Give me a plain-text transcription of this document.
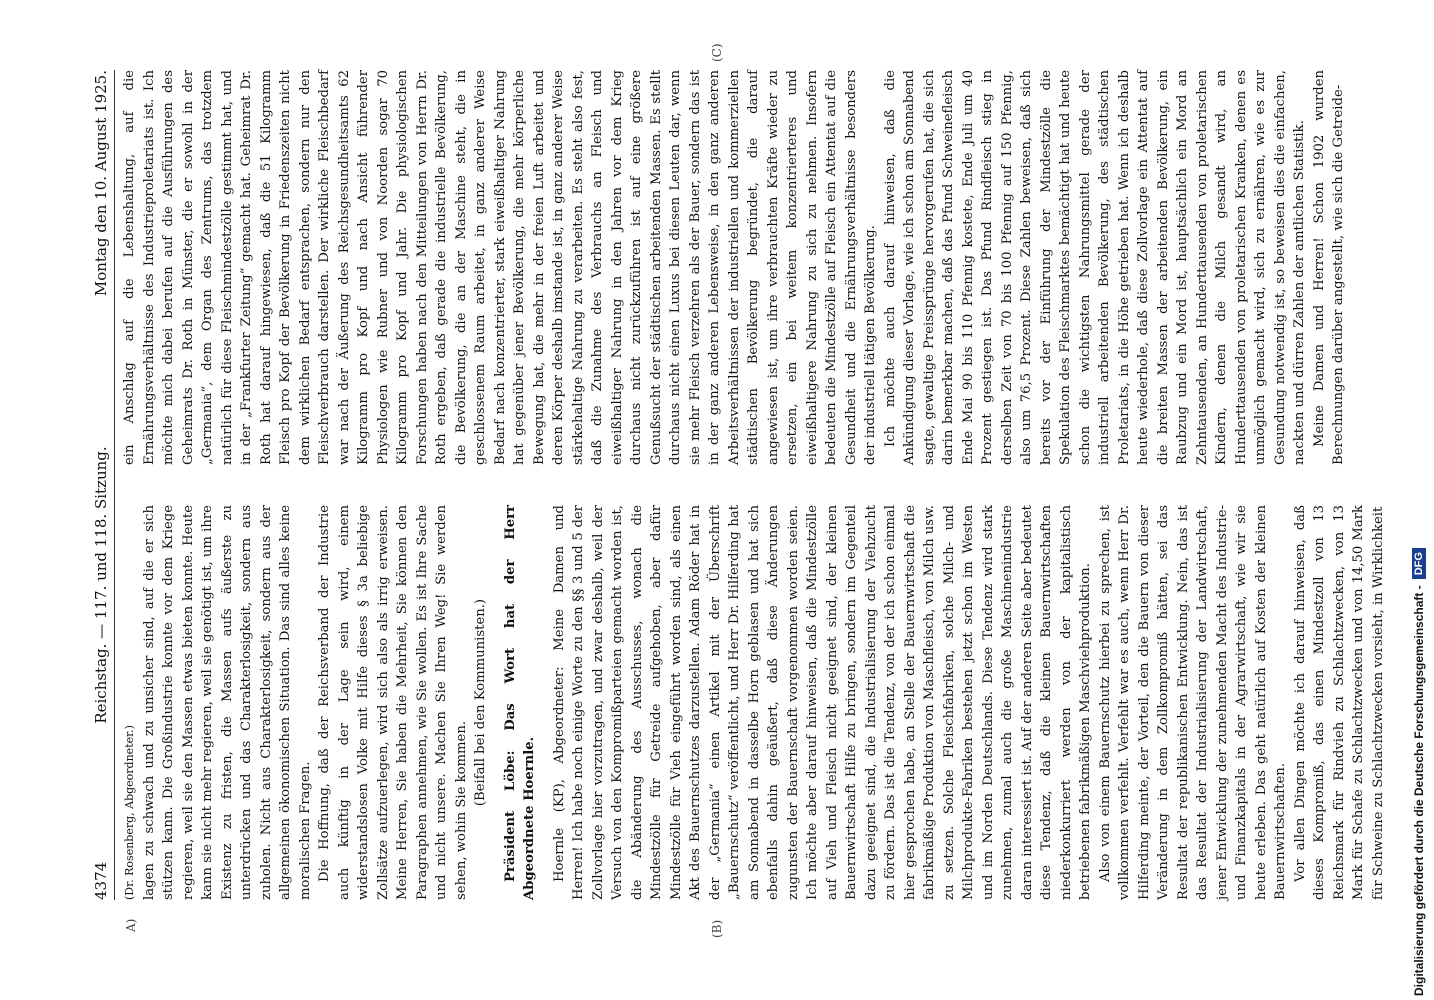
4374
Reichstag. — 117. und 118. Sitzung.
Montag den 10. August 1925.
A)	(B)
(C)

(Dr. Rosenberg, Abgeordneter.) lagen zu schwach und zu unsicher sind, auf die er sich stützen kann. Die Großindustrie konnte vor dem Kriege regieren, weil sie den Massen etwas bieten konnte. Heute kann sie nicht mehr regieren, weil sie genötigt ist, um ihre Existenz zu fristen, die Massen aufs äußerste zu unterdrücken und das Charakterlosigkeit, sondern aus zuholen. Nicht aus Charakterlosigkeit, sondern aus der allgemeinen ökonomischen Situation. Das sind alles keine moralischen Fragen. Die Hoffnung, daß der Reichsverband der Industrie auch künftig in der Lage sein wird, einem widerstandslosen Volke mit Hilfe dieses § 3a beliebige Zollsätze aufzuerlegen, wird sich also als irrig erweisen. Meine Herren, Sie haben die Mehrheit, Sie können den Paragraphen annehmen, wie Sie wollen. Es ist Ihre Sache und nicht unsere. Machen Sie Ihren Weg! Sie werden sehen, wohin Sie kommen.

(Beifall bei den Kommunisten.) Präsident Löbe: Das Wort hat der Herr Abgeordnete Hoernle. Hoernle (KP), Abgeordneter: Meine Damen und Herren! Ich habe noch einige Worte zu den §§ 3 und 5 der Zollvorlage hier vorzutragen, und zwar deshalb, weil der Versuch von den Kompromißparteien gemacht worden ist, die Abänderung des Ausschusses, wonach die Mindestzölle für Getreide aufgehoben, aber dafür Mindestzölle für Vieh eingeführt worden sind, als einen Akt des Bauernschutzes darzustellen. Adam Röder hat in der „Germania“ einen Artikel mit der Überschrift „Bauernschutz“ veröffentlicht, und Herr Dr. Hilferding hat am Sonnabend in dasselbe Horn geblasen und hat sich ebenfalls dahin geäußert, daß diese Änderungen zugunsten der Bauernschaft vorgenommen worden seien. Ich möchte aber darauf hinweisen, daß die Mindestzölle auf Vieh und Fleisch nicht geeignet sind, der kleinen Bauernwirtschaft Hilfe zu bringen, sondern im Gegenteil dazu geeignet sind, die Industrialisierung der Viehzucht zu fördern. Das ist die Tendenz, von der ich schon einmal hier gesprochen habe, an Stelle der Bauernwirtschaft die fabrikmäßige Produktion von Maschfleisch, von Milch usw. zu setzen. Solche Fleischfabriken, solche Milch- und Milchprodukte-Fabriken bestehen jetzt schon im Westen und im Norden Deutschlands. Diese Tendenz wird stark zunehmen, zumal auch die große Maschinenindustrie daran interessiert ist. Auf der anderen Seite aber bedeutet diese Tendenz, daß die kleinen Bauernwirtschaften niederkonkurriert werden von der kapitalistisch betriebenen fabrikmäßigen Maschviehproduktion. Also von einem Bauernschutz hierbei zu sprechen, ist vollkommen verfehlt. Verfehlt war es auch, wenn Herr Dr. Hilferding meinte, der Vorteil, den die Bauern von dieser Veränderung in dem Zollkompromiß hätten, sei das Resultat der republikanischen Entwicklung. Nein, das ist das Resultat der Industrialisierung der Landwirtschaft, jener Entwicklung der zunehmenden Macht des Industrie- und Finanzkapitals in der Agrarwirtschaft, wie wir sie heute erleben. Das geht natürlich auf Kosten der kleinen Bauernwirtschaften. Vor allen Dingen möchte ich darauf hinweisen, daß dieses Kompromiß, das einen Mindestzoll von 13 Reichsmark für Rindvieh zu Schlachtzwecken, von 13 Mark für Schafe zu Schlachtzwecken und von 14,50 Mark für Schweine zu Schlachtzwecken vorsieht, in Wirklichkeit

ein Anschlag auf die Lebenshaltung, auf die Ernährungsverhältnisse des Industrieproletariats ist. Ich möchte mich dabei berufen auf die Ausführungen des Geheimrats Dr. Roth in Münster, die er sowohl in der „Germania“, dem Organ des Zentrums, das trotzdem natürlich für diese Fleischmindestzölle gestimmt hat, und in der „Frankfurter Zeitung“ gemacht hat. Geheimrat Dr. Roth hat darauf hingewiesen, daß die 51 Kilogramm Fleisch pro Kopf der Bevölkerung in Friedenszeiten nicht dem wirklichen Bedarf entsprachen, sondern nur den Fleischverbrauch darstellen. Der wirkliche Fleischbedarf war nach der Äußerung des Reichsgesundheitsamts 62 Kilogramm pro Kopf und nach Ansicht führender Physiologen wie Rubner und von Noorden sogar 70 Kilogramm pro Kopf und Jahr. Die physiologischen Forschungen haben nach den Mitteilungen von Herrn Dr. Roth ergeben, daß gerade die industrielle Bevölkerung, die Bevölkerung, die an der Maschine steht, die in geschlossenem Raum arbeitet, in ganz anderer Weise Bedarf nach konzentrierter, stark eiweißhaltiger Nahrung hat gegenüber jener Bevölkerung, die mehr körperliche Bewegung hat, die mehr in der freien Luft arbeitet und deren Körper deshalb imstande ist, in ganz anderer Weise stärkehaltige Nahrung zu verarbeiten. Es steht also fest, daß die Zunahme des Verbrauchs an Fleisch und eiweißhaltiger Nahrung in den Jahren vor dem Krieg durchaus nicht zurückzuführen ist auf eine größere Genußsucht der städtischen arbeitenden Massen. Es stellt durchaus nicht einen Luxus bei diesen Leuten dar, wenn sie mehr Fleisch verzehren als der Bauer, sondern das ist in der ganz anderen Lebensweise, in den ganz anderen Arbeitsverhältnissen der industriellen und kommerziellen städtischen Bevölkerung begründet, die darauf angewiesen ist, um ihre verbrauchten Kräfte wieder zu ersetzen, ein bei weitem konzentrierteres und eiweißhaltigere Nahrung zu sich zu nehmen. Insofern bedeuten die Mindestzölle auf Fleisch ein Attentat auf die Gesundheit und die Ernährungsverhältnisse besonders der industriell tätigen Bevölkerung. Ich möchte auch darauf hinweisen, daß die Ankündigung dieser Vorlage, wie ich schon am Sonnabend sagte, gewaltige Preissprünge hervorgerufen hat, die sich darin bemerkbar machen, daß das Pfund Schweinefleisch Ende Mai 90 bis 110 Pfennig kostete, Ende Juli um 40 Prozent gestiegen ist. Das Pfund Rindfleisch stieg in derselben Zeit von 70 bis 100 Pfennig auf 150 Pfennig, also um 76,5 Prozent. Diese Zahlen beweisen, daß sich bereits vor der Einführung der Mindestzölle die Spekulation des Fleischmarktes bemächtigt hat und heute schon die wichtigsten Nahrungsmittel gerade der industriell arbeitenden Bevölkerung, des städtischen Proletariats, in die Höhe getrieben hat. Wenn ich deshalb heute wiederhole, daß diese Zollvorlage ein Attentat auf die breiten Massen der arbeitenden Bevölkerung, ein Raubzug und ein Mord ist, hauptsächlich ein Mord an Zehntausenden, an Hunderttausenden von proletarischen Kindern, denen die Milch gesandt wird, an Hunderttausenden von proletarischen Kranken, denen es unmöglich gemacht wird, sich zu ernähren, wie es zur Gesundung notwendig ist, so beweisen dies die einfachen, nackten und dürren Zahlen der amtlichen Statistik. Meine Damen und Herren! Schon 1902 wurden Berechnungen darüber angestellt, wie sich die Getreide-

Digitalisierung gefördert durch die Deutsche Forschungsgemeinschaft -
DFG
